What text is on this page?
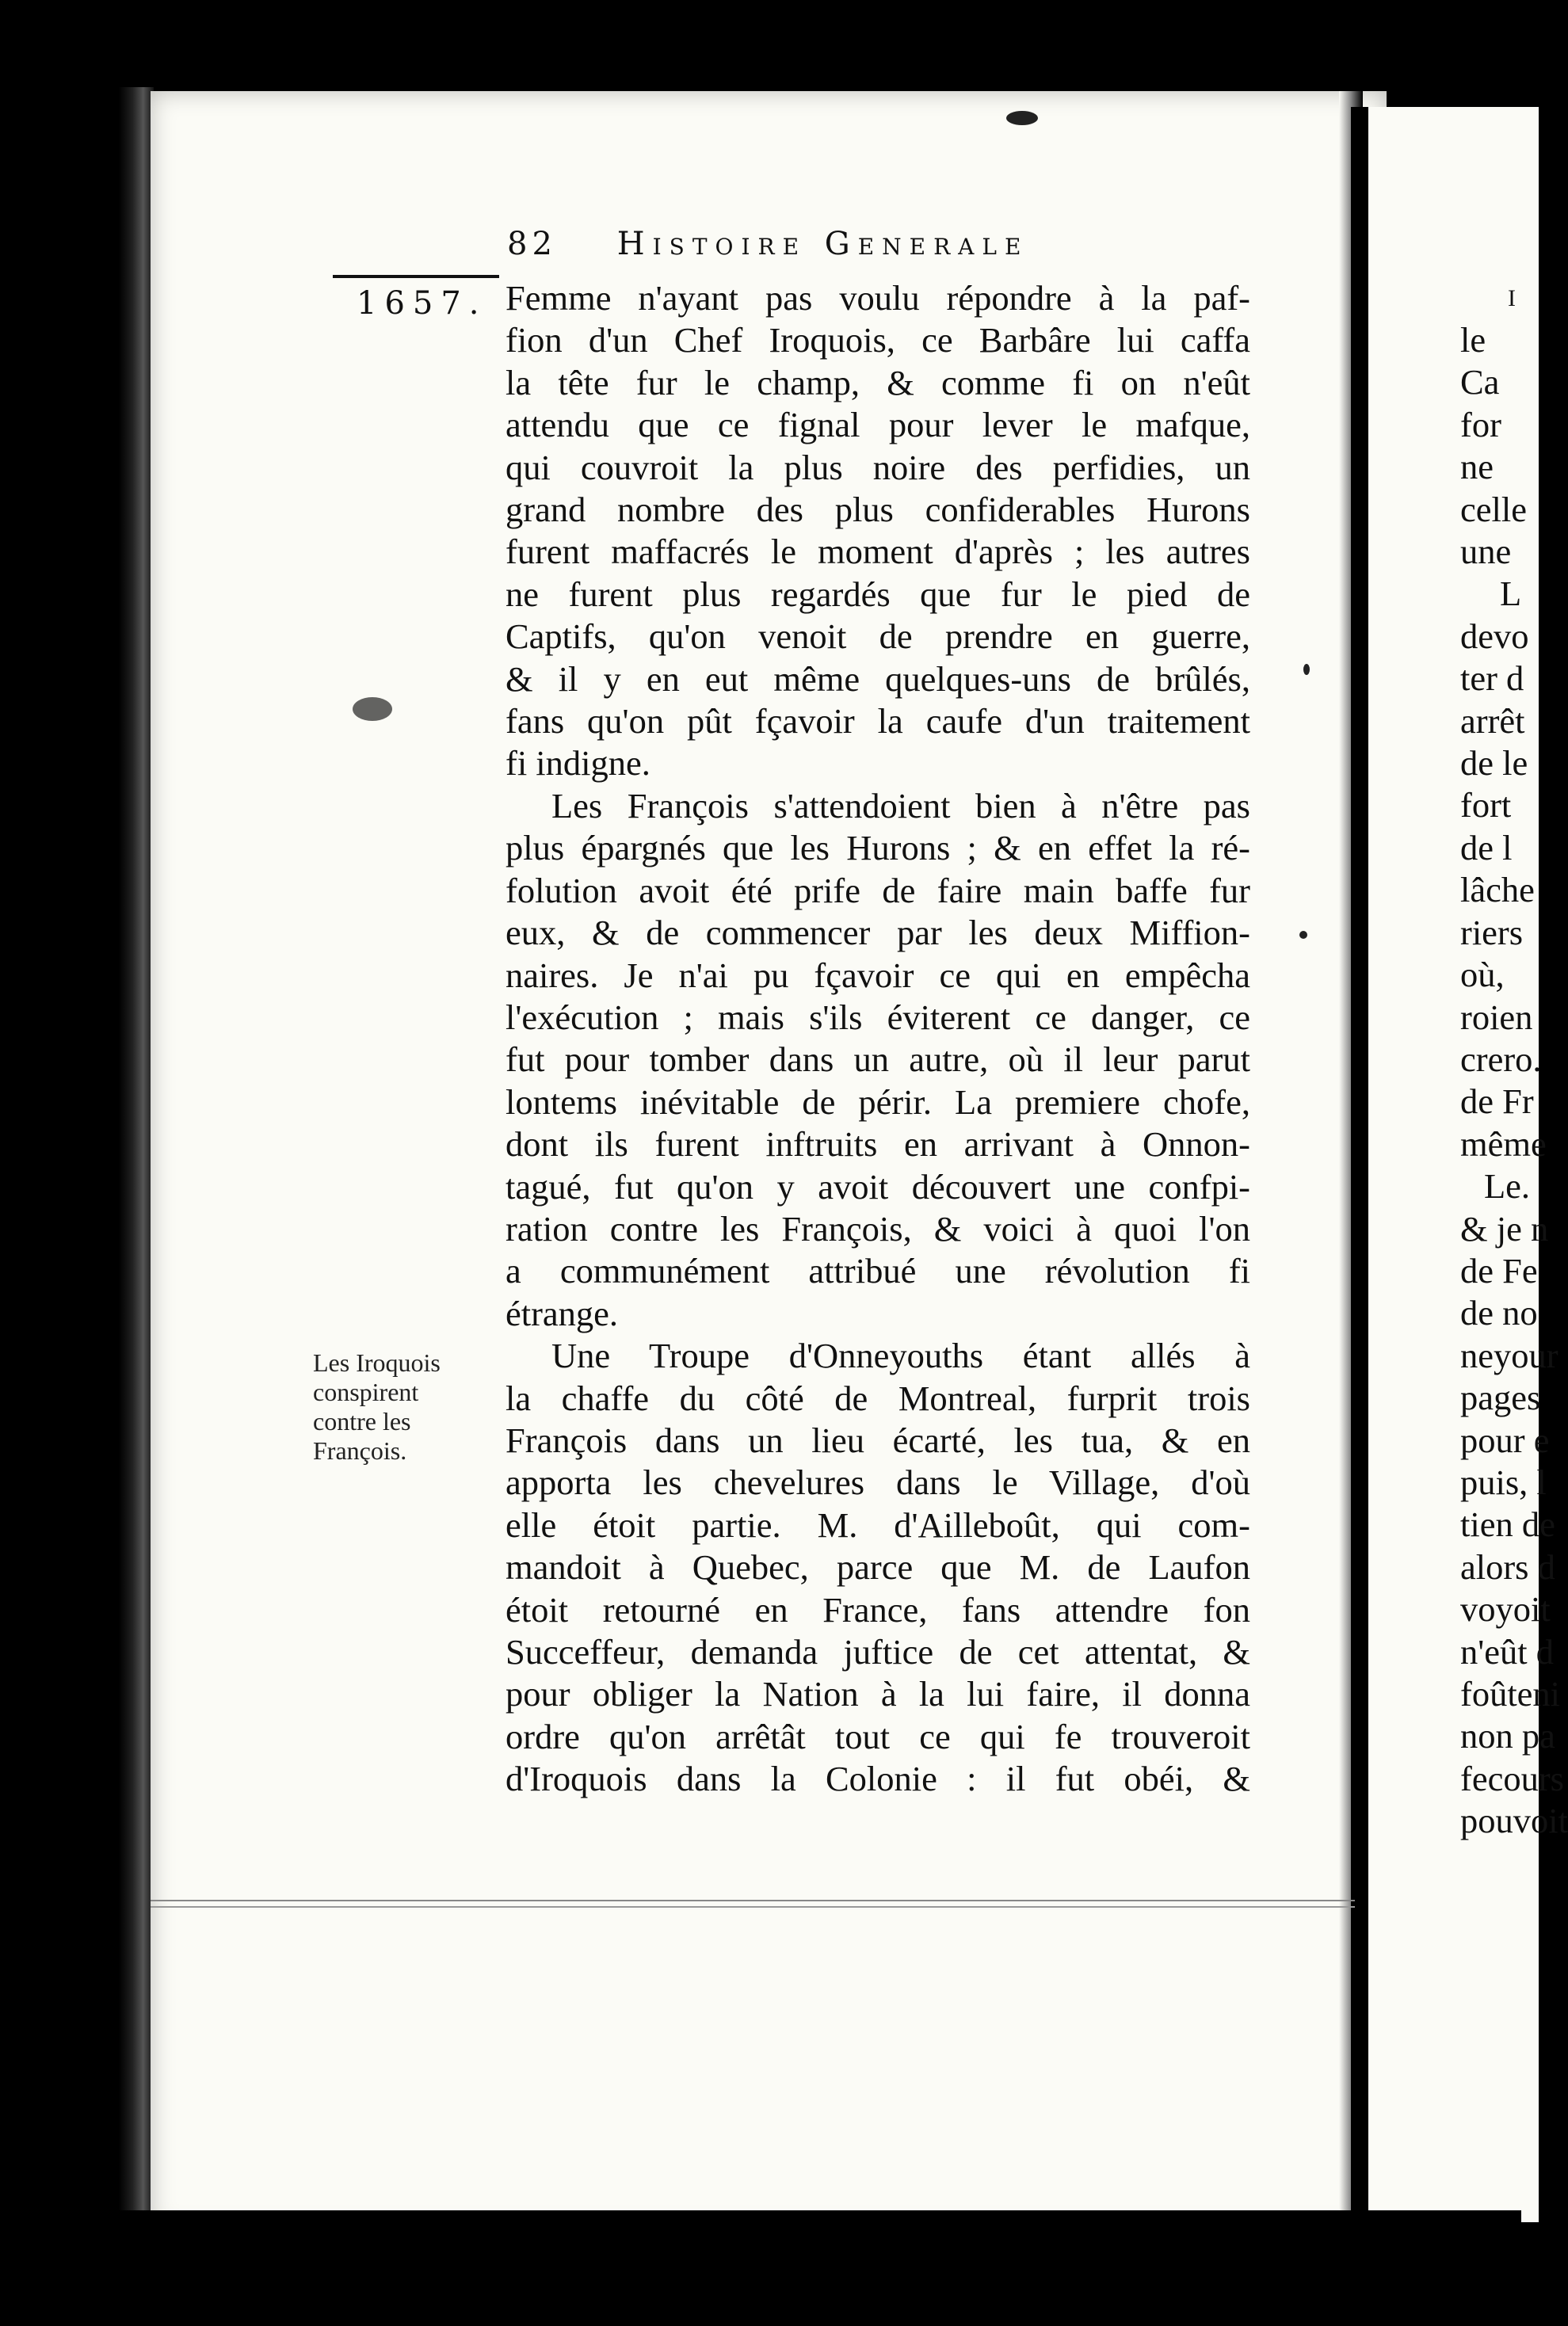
82 Histoire Generale
1657. Femme n'ayant pas voulu répondre à la paf-
fion d'un Chef Iroquois, ce Barbâre lui caffa
la tête fur le champ, & comme fi on n'eût
attendu que ce fignal pour lever le mafque,
qui couvroit la plus noire des perfidies, un
grand nombre des plus confiderables Hurons
furent maffacrés le moment d'après ; les autres
ne furent plus regardés que fur le pied de
Captifs, qu'on venoit de prendre en guerre,
& il y en eut même quelques-uns de brûlés,
fans qu'on pût fçavoir la caufe d'un traitement
fi indigne.

Les François s'attendoient bien à n'être pas
plus épargnés que les Hurons ; & en effet la ré-
folution avoit été prife de faire main baffe fur
eux, & de commencer par les deux Miffion-
naires. Je n'ai pu fçavoir ce qui en empêcha
l'exécution ; mais s'ils éviterent ce danger, ce
fut pour tomber dans un autre, où il leur parut
lontems inévitable de périr. La premiere chofe,
dont ils furent inftruits en arrivant à Onnon-
tagué, fut qu'on y avoit découvert une confpi-
ration contre les François, & voici à quoi l'on
a communément attribué une révolution fi
étrange.

Une Troupe d'Onneyouths étant allés à
la chaffe du côté de Montreal, furprit trois
François dans un lieu écarté, les tua, & en
apporta les chevelures dans le Village, d'où
elle étoit partie. M. d'Ailleboût, qui com-
mandoit à Quebec, parce que M. de Laufon
étoit retourné en France, fans attendre fon
Succeffeur, demanda juftice de cet attentat, &
pour obliger la Nation à la lui faire, il donna
ordre qu'on arrêtât tout ce qui fe trouveroit
d'Iroquois dans la Colonie : il fut obéi, &

Les Iroquois
conspirent
contre les
François.
I
le
Ca
for
ne
celle
une
L
devo
ter d
arrêt
de le
fort
de l
lâche
riers
où,
roien
crero.
de Fr
même
Le.
& je n
de Fe
de no
neyour
pages
pour e
puis, l
tien de
alors d
voyoit
n'eût d
foûteni
non pa
fecours
pouvoit
